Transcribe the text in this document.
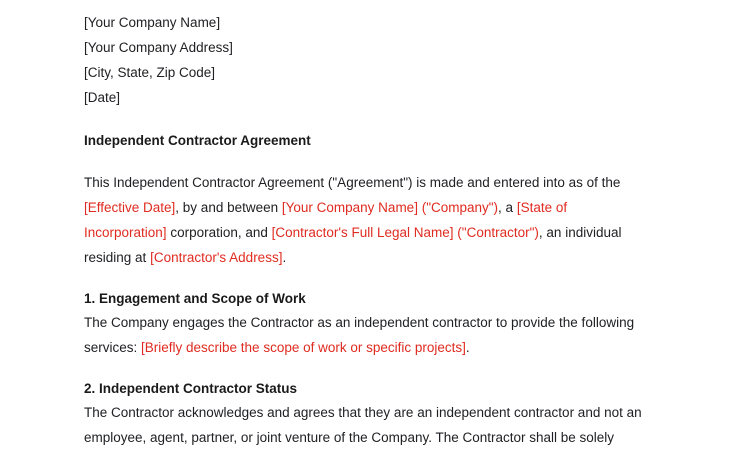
[Your Company Name]
[Your Company Address]
[City, State, Zip Code]
[Date]
Independent Contractor Agreement
This Independent Contractor Agreement ("Agreement") is made and entered into as of the [Effective Date], by and between [Your Company Name] ("Company"), a [State of Incorporation] corporation, and [Contractor's Full Legal Name] ("Contractor"), an individual residing at [Contractor's Address].
1. Engagement and Scope of Work
The Company engages the Contractor as an independent contractor to provide the following services: [Briefly describe the scope of work or specific projects].
2. Independent Contractor Status
The Contractor acknowledges and agrees that they are an independent contractor and not an employee, agent, partner, or joint venture of the Company. The Contractor shall be solely
